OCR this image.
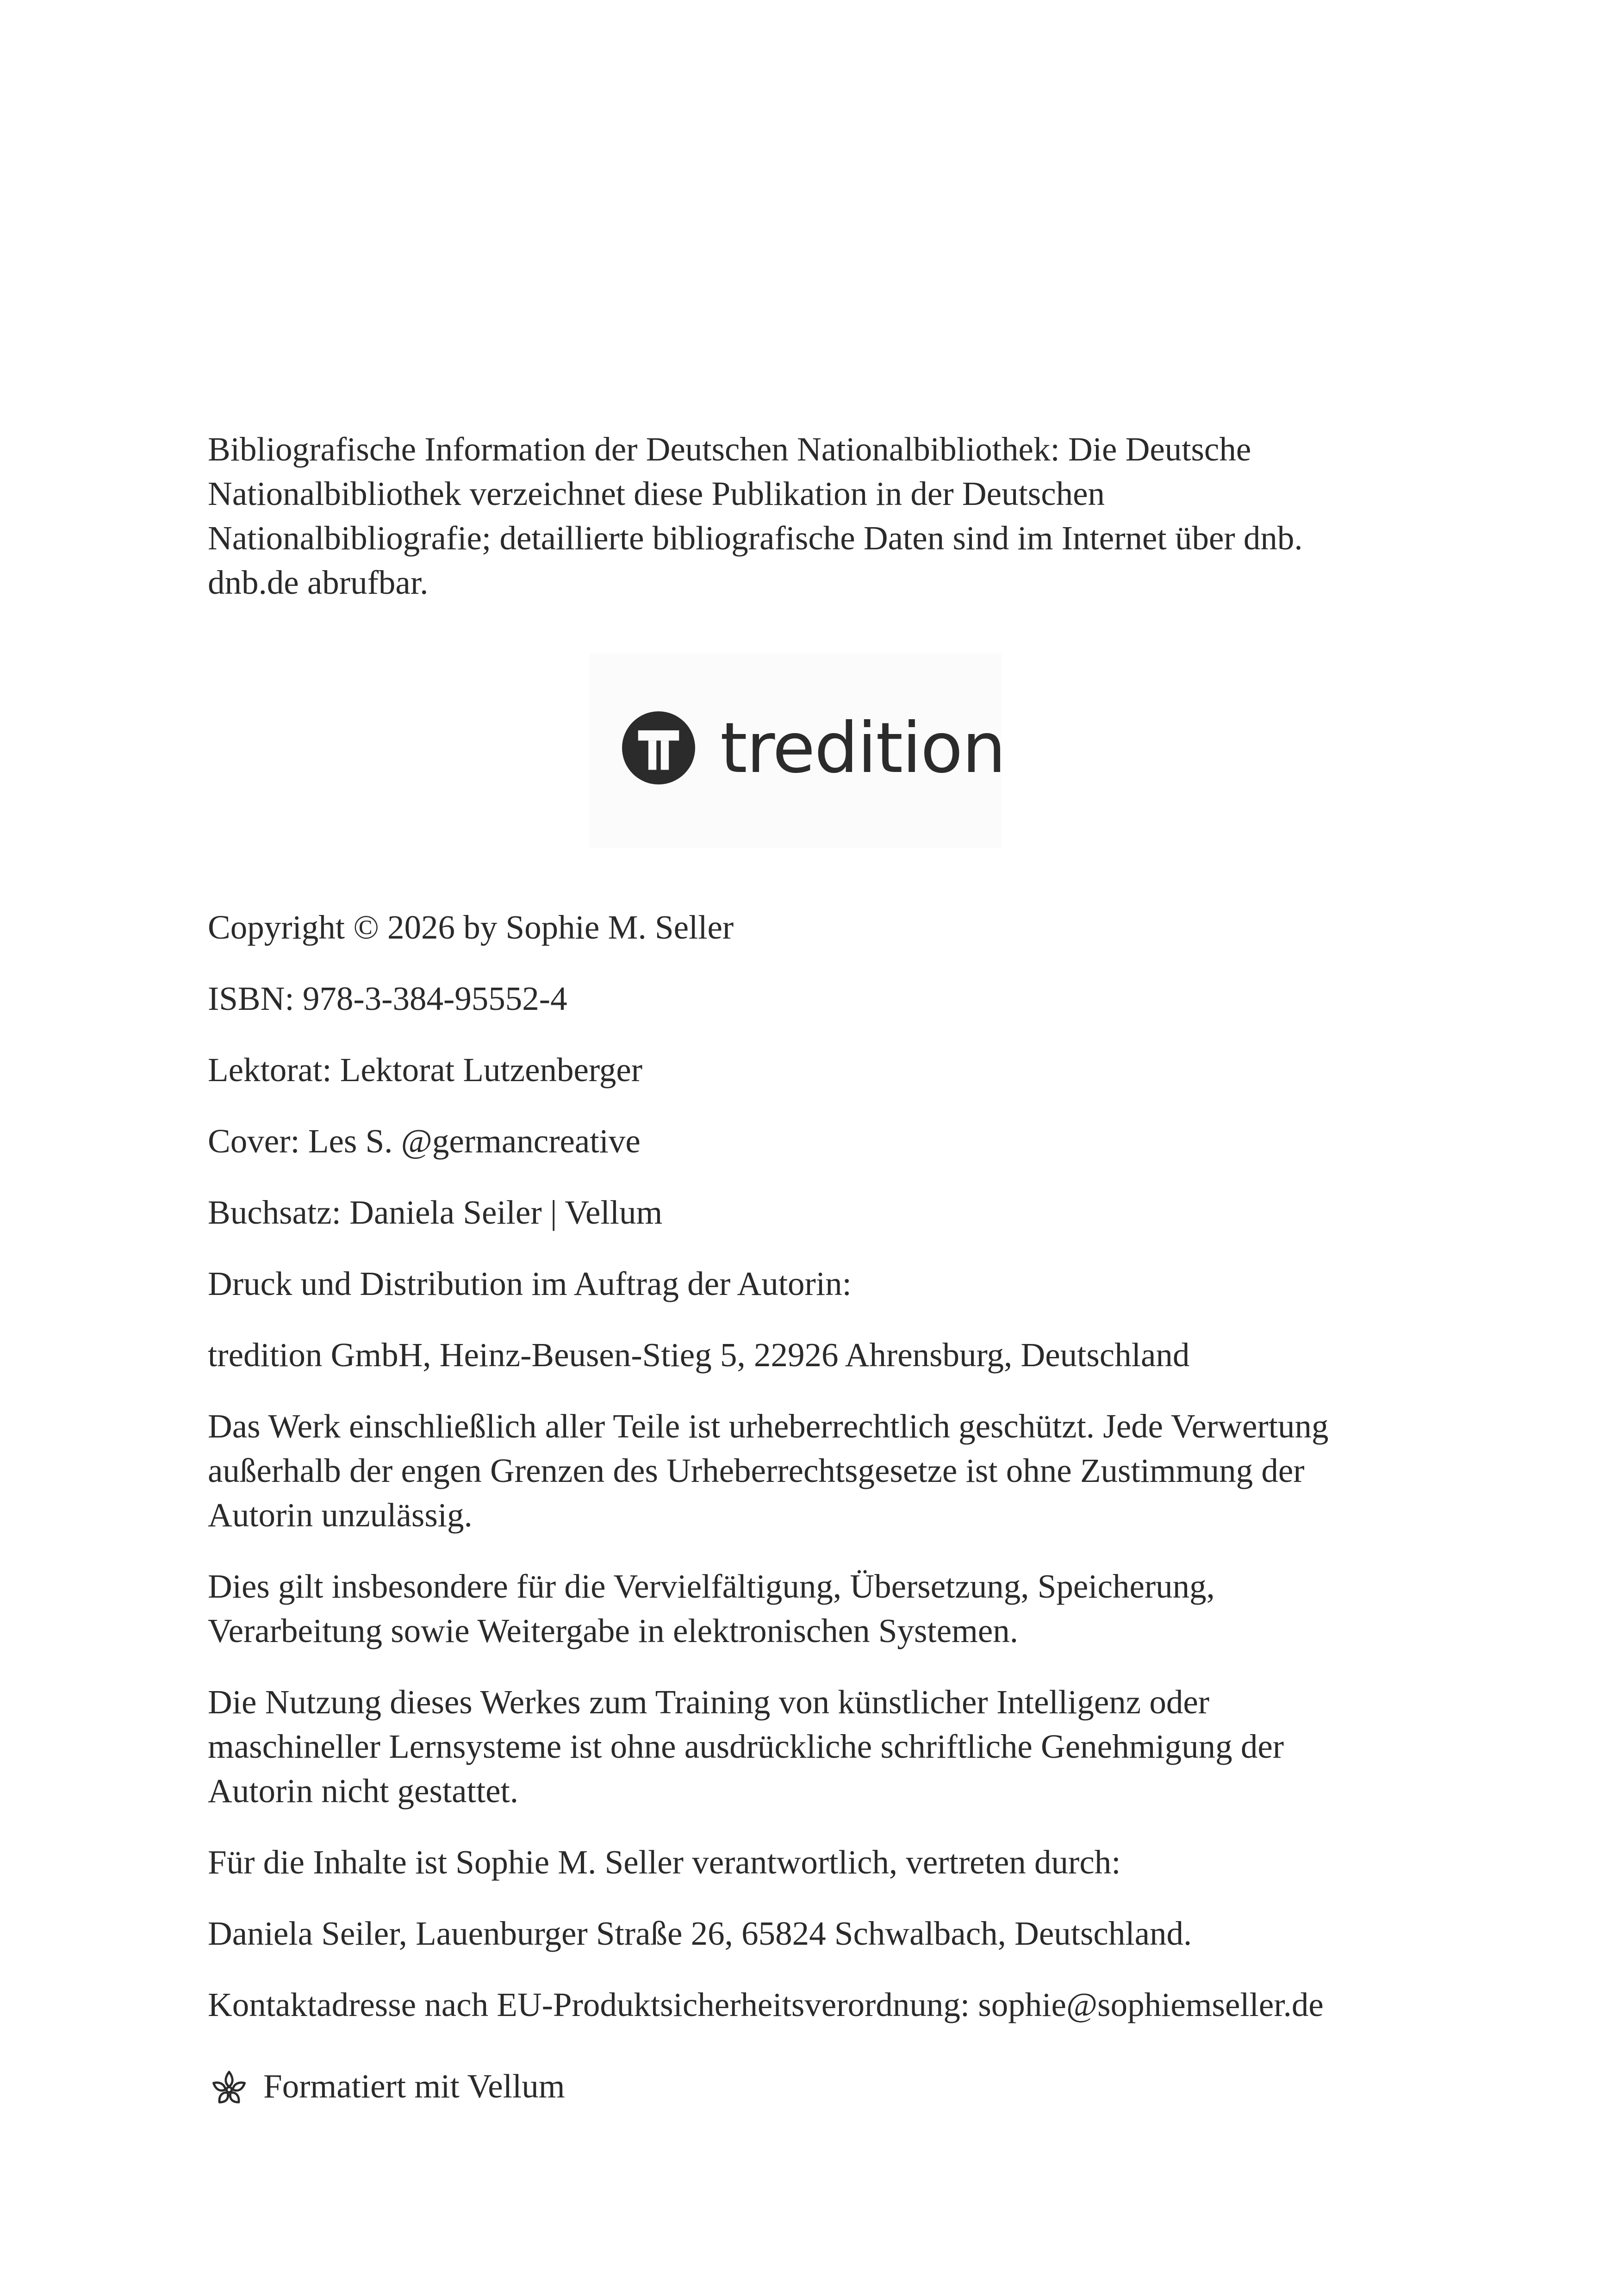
Bibliografische Information der Deutschen Nationalbibliothek: Die Deutsche
Nationalbibliothek verzeichnet diese Publikation in der Deutschen
Nationalbibliografie; detaillierte bibliografische Daten sind im Internet über dnb.
dnb.de abrufbar.

Copyright © 2026 by Sophie M. Seller

ISBN: 978-3-384-95552-4

Lektorat: Lektorat Lutzenberger

Cover: Les S. @germancreative

Buchsatz: Daniela Seiler | Vellum

Druck und Distribution im Auftrag der Autorin:

tredition GmbH, Heinz-Beusen-Stieg 5, 22926 Ahrensburg, Deutschland

Das Werk einschließlich aller Teile ist urheberrechtlich geschützt. Jede Verwertung
außerhalb der engen Grenzen des Urheberrechtsgesetze ist ohne Zustimmung der
Autorin unzulässig.
Dies gilt insbesondere für die Vervielfältigung, Übersetzung, Speicherung,
Verarbeitung sowie Weitergabe in elektronischen Systemen.
Die Nutzung dieses Werkes zum Training von künstlicher Intelligenz oder
maschineller Lernsysteme ist ohne ausdrückliche schriftliche Genehmigung der
Autorin nicht gestattet.

Für die Inhalte ist Sophie M. Seller verantwortlich, vertreten durch:

Daniela Seiler, Lauenburger Straße 26, 65824 Schwalbach, Deutschland.

Kontaktadresse nach EU-Produktsicherheitsverordnung: sophie@sophiemseller.de

Formatiert mit Vellum
tredition
